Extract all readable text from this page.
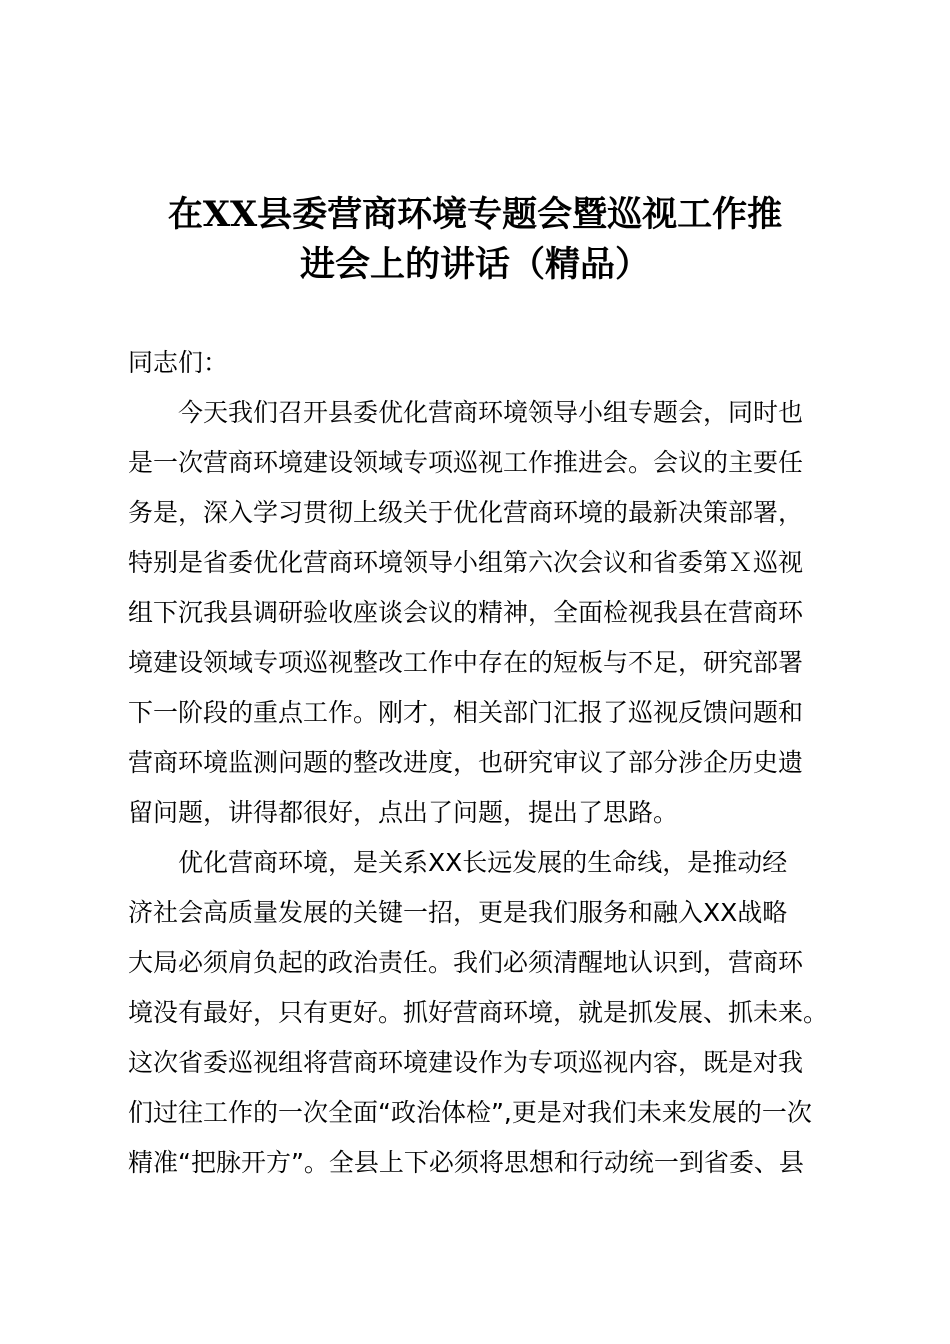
在XX县委营商环境专题会暨巡视工作推
进会上的讲话（精品）

同志们：

今天我们召开县委优化营商环境领导小组专题会，同时也

是一次营商环境建设领域专项巡视工作推进会。会议的主要任

务是，深入学习贯彻上级关于优化营商环境的最新决策部署，

特别是省委优化营商环境领导小组第六次会议和省委第Ｘ巡视

组下沉我县调研验收座谈会议的精神，全面检视我县在营商环

境建设领域专项巡视整改工作中存在的短板与不足，研究部署

下一阶段的重点工作。刚才，相关部门汇报了巡视反馈问题和

营商环境监测问题的整改进度，也研究审议了部分涉企历史遗

留问题，讲得都很好，点出了问题，提出了思路。

优化营商环境，是关系XX长远发展的生命线，是推动经

济社会高质量发展的关键一招，更是我们服务和融入XX战略

大局必须肩负起的政治责任。我们必须清醒地认识到，营商环

境没有最好，只有更好。抓好营商环境，就是抓发展、抓未来。

这次省委巡视组将营商环境建设作为专项巡视内容，既是对我

们过往工作的一次全面“政治体检”,更是对我们未来发展的一次

精准“把脉开方”。全县上下必须将思想和行动统一到省委、县
